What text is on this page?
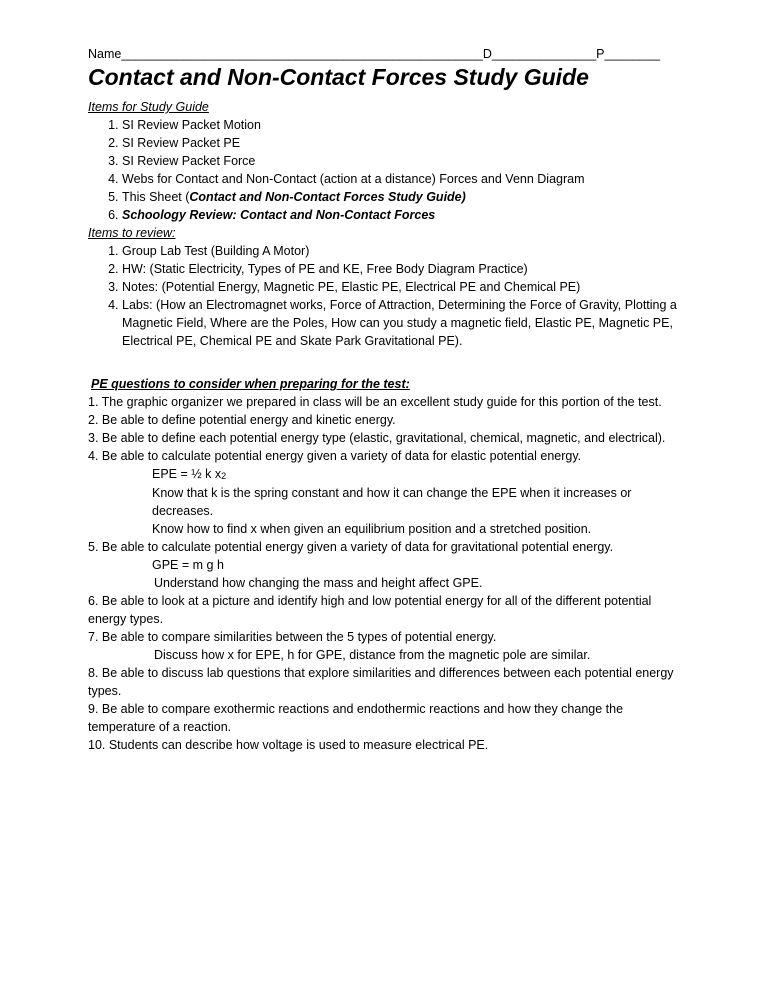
Name____________________________________________________D_______________P________
Contact and Non-Contact Forces Study Guide
Items for Study Guide
1. SI Review Packet Motion
2. SI Review Packet PE
3. SI Review Packet Force
4. Webs for Contact and Non-Contact (action at a distance) Forces and Venn Diagram
5. This Sheet (Contact and Non-Contact Forces Study Guide)
6. Schoology Review: Contact and Non-Contact Forces
Items to review:
1. Group Lab Test (Building A Motor)
2. HW: (Static Electricity, Types of PE and KE, Free Body Diagram Practice)
3. Notes: (Potential Energy, Magnetic PE, Elastic PE, Electrical PE and Chemical PE)
4. Labs: (How an Electromagnet works, Force of Attraction, Determining the Force of Gravity, Plotting a Magnetic Field, Where are the Poles, How can you study a magnetic field, Elastic PE, Magnetic PE, Electrical PE, Chemical PE and Skate Park Gravitational PE).
PE questions to consider when preparing for the test:
1. The graphic organizer we prepared in class will be an excellent study guide for this portion of the test.
2. Be able to define potential energy and kinetic energy.
3. Be able to define each potential energy type (elastic, gravitational, chemical, magnetic, and electrical).
4. Be able to calculate potential energy given a variety of data for elastic potential energy.
EPE = ½ k $x_2$
Know that k is the spring constant and how it can change the EPE when it increases or decreases.
Know how to find x when given an equilibrium position and a stretched position.
5. Be able to calculate potential energy given a variety of data for gravitational potential energy.
GPE = m g h
Understand how changing the mass and height affect GPE.
6. Be able to look at a picture and identify high and low potential energy for all of the different potential energy types.
7. Be able to compare similarities between the 5 types of potential energy.
Discuss how x for EPE, h for GPE, distance from the magnetic pole are similar.
8. Be able to discuss lab questions that explore similarities and differences between each potential energy types.
9. Be able to compare exothermic reactions and endothermic reactions and how they change the temperature of a reaction.
10. Students can describe how voltage is used to measure electrical PE.
